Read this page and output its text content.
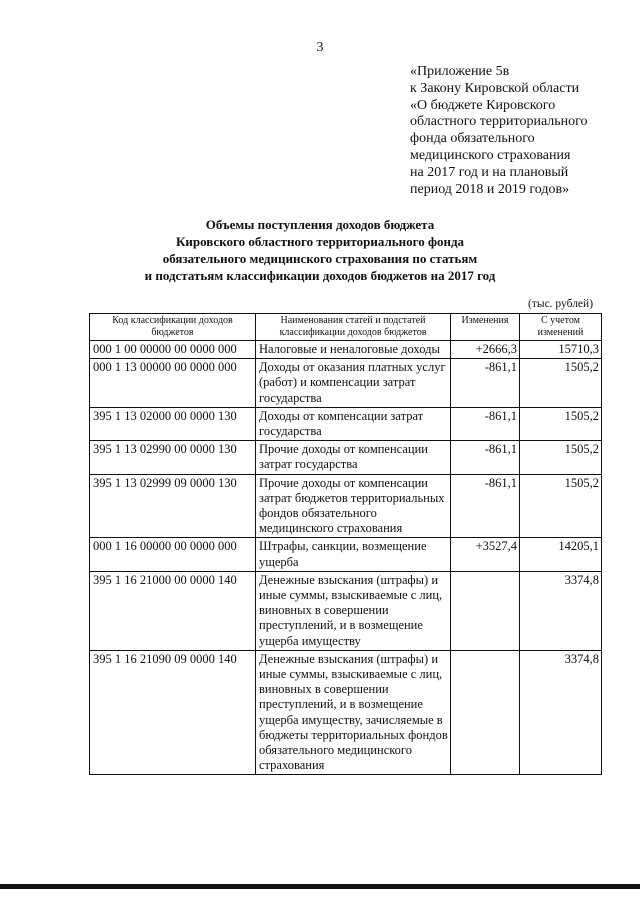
3
«Приложение 5в
к Закону Кировской области
«О бюджете Кировского
областного территориального
фонда обязательного
медицинского страхования
на 2017 год и на плановый
период 2018 и 2019 годов»
Объемы поступления доходов бюджета
Кировского областного территориального фонда
обязательного медицинского страхования по статьям
и подстатьям классификации доходов бюджетов на 2017 год
(тыс. рублей)
Код классификации доходов бюджетов	Наименования статей и подстатей классификации доходов бюджетов	Изменения	С учетом изменений
000 1 00 00000 00 0000 000	Налоговые и неналоговые доходы	+2666,3	15710,3
000 1 13 00000 00 0000 000	Доходы от оказания платных услуг (работ) и компенсации затрат государства	-861,1	1505,2
395 1 13 02000 00 0000 130	Доходы от компенсации затрат государства	-861,1	1505,2
395 1 13 02990 00 0000 130	Прочие доходы от компенсации затрат государства	-861,1	1505,2
395 1 13 02999 09 0000 130	Прочие доходы от компенсации затрат бюджетов территориальных фондов обязательного медицинского страхования	-861,1	1505,2
000 1 16 00000 00 0000 000	Штрафы, санкции, возмещение ущерба	+3527,4	14205,1
395 1 16 21000 00 0000 140	Денежные взыскания (штрафы) и иные суммы, взыскиваемые с лиц, виновных в совершении преступлений, и в возмещение ущерба имуществу		3374,8
395 1 16 21090 09 0000 140	Денежные взыскания (штрафы) и иные суммы, взыскиваемые с лиц, виновных в совершении преступлений, и в возмещение ущерба имуществу, зачисляемые в бюджеты территориальных фондов обязательного медицинского страхования		3374,8
